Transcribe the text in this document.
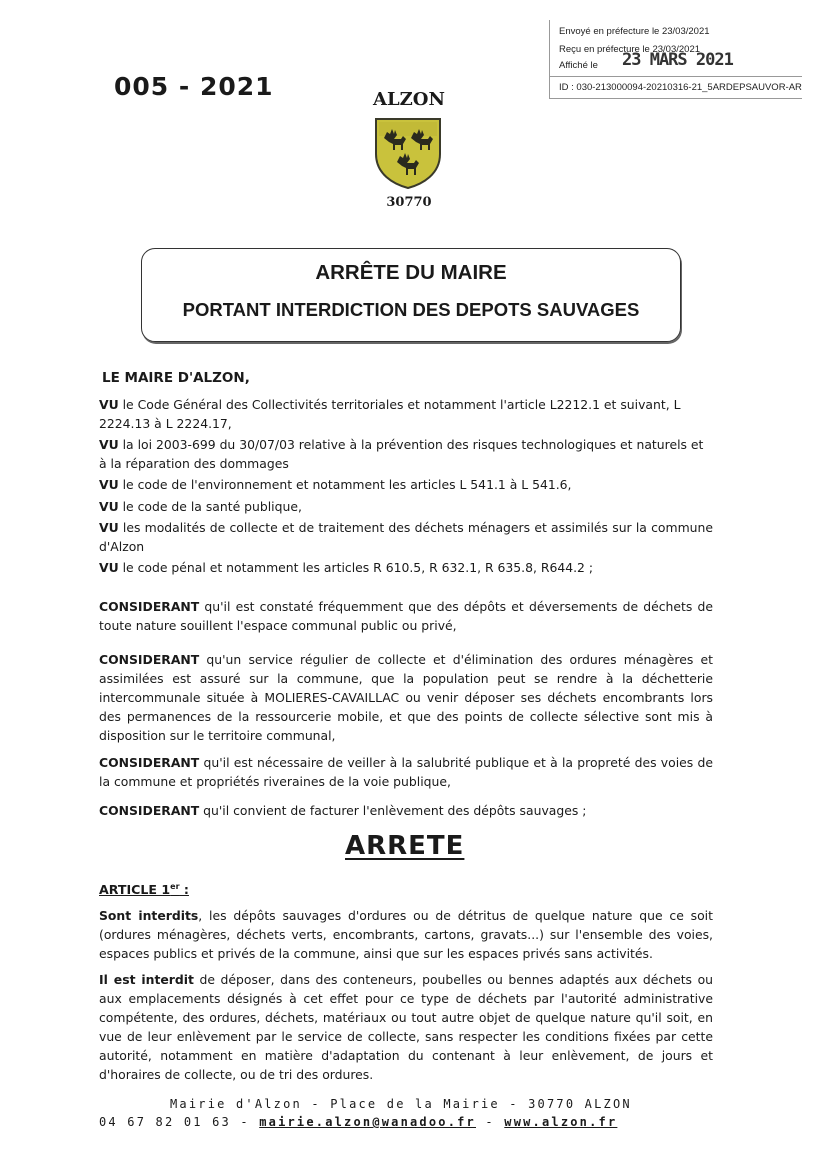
Envoyé en préfecture le 23/03/2021
Reçu en préfecture le 23/03/2021
Affiché le 23 MARS 2021
ID : 030-213000094-20210316-21_5ARDEPSAUVOR-AR
005 - 2021	ALZON
30770
ARRÊTE DU MAIRE
PORTANT INTERDICTION DES DEPOTS SAUVAGES
LE MAIRE D'ALZON,
VU le Code Général des Collectivités territoriales et notamment l'article L2212.1 et suivant, L 2224.13 à L 2224.17,
VU la loi 2003-699 du 30/07/03 relative à la prévention des risques technologiques et naturels et à la réparation des dommages
VU le code de l'environnement et notamment les articles L 541.1 à L 541.6,
VU le code de la santé publique,
VU les modalités de collecte et de traitement des déchets ménagers et assimilés sur la commune d'Alzon
VU le code pénal et notamment les articles R 610.5, R 632.1, R 635.8, R644.2 ;
CONSIDERANT qu'il est constaté fréquemment que des dépôts et déversements de déchets de toute nature souillent l'espace communal public ou privé,
CONSIDERANT qu'un service régulier de collecte et d'élimination des ordures ménagères et assimilées est assuré sur la commune, que la population peut se rendre à la déchetterie intercommunale située à MOLIERES-CAVAILLAC ou venir déposer ses déchets encombrants lors des permanences de la ressourcerie mobile, et que des points de collecte sélective sont mis à disposition sur le territoire communal,
CONSIDERANT qu'il est nécessaire de veiller à la salubrité publique et à la propreté des voies de la commune et propriétés riveraines de la voie publique,
CONSIDERANT qu'il convient de facturer l'enlèvement des dépôts sauvages ;
ARRETE
ARTICLE 1er :
Sont interdits, les dépôts sauvages d'ordures ou de détritus de quelque nature que ce soit (ordures ménagères, déchets verts, encombrants, cartons, gravats...) sur l'ensemble des voies, espaces publics et privés de la commune, ainsi que sur les espaces privés sans activités.
Il est interdit de déposer, dans des conteneurs, poubelles ou bennes adaptés aux déchets ou aux emplacements désignés à cet effet pour ce type de déchets par l'autorité administrative compétente, des ordures, déchets, matériaux ou tout autre objet de quelque nature qu'il soit, en vue de leur enlèvement par le service de collecte, sans respecter les conditions fixées par cette autorité, notamment en matière d'adaptation du contenant à leur enlèvement, de jours et d'horaires de collecte, ou de tri des ordures.
Mairie d'Alzon - Place de la Mairie - 30770 ALZON
04 67 82 01 63 - mairie.alzon@wanadoo.fr - www.alzon.fr
